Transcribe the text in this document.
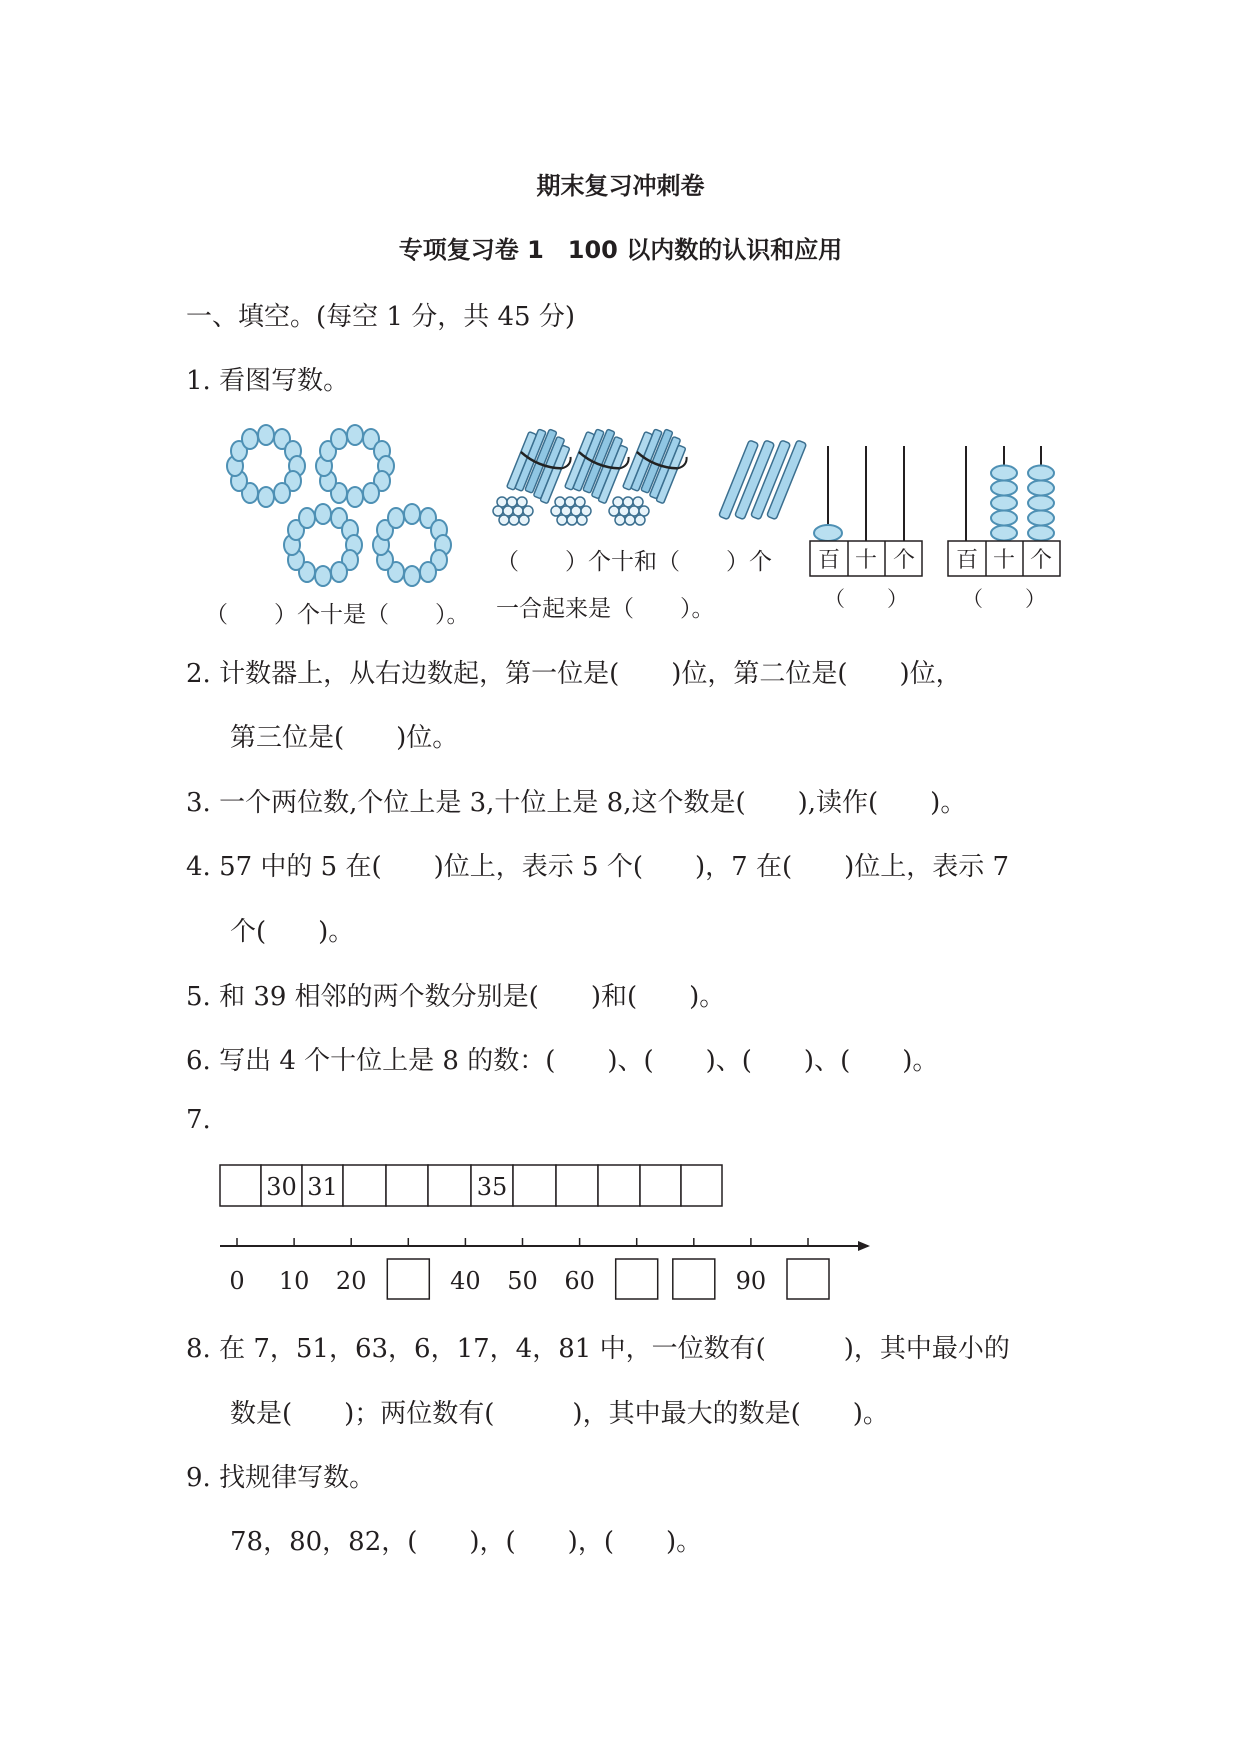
期末复习冲刺卷
专项复习卷 1　100 以内数的认识和应用
一、填空。(每空 1 分，共 45 分)
1. 看图写数。
百 十 个
（　　）
百 十 个
（　　）
（　　）个十是（　　）。
（　　）个十和（　　）个
一合起来是（　　）。
2. 计数器上，从右边数起，第一位是(　　)位，第二位是(　　)位，
第三位是(　　)位。
3. 一个两位数,个位上是 3,十位上是 8,这个数是(　　),读作(　　)。
4. 57 中的 5 在(　　)位上，表示 5 个(　　)，7 在(　　)位上，表示 7
个(　　)。
5. 和 39 相邻的两个数分别是(　　)和(　　)。
6. 写出 4 个十位上是 8 的数：(　　)、(　　)、(　　)、(　　)。
7.
30 31	35
0 10 20	40 50 60	90
8. 在 7，51，63，6，17，4，81 中，一位数有(　　　)，其中最小的
数是(　　)；两位数有(　　　)，其中最大的数是(　　)。
9. 找规律写数。
78，80，82，(　　)，(　　)，(　　)。
